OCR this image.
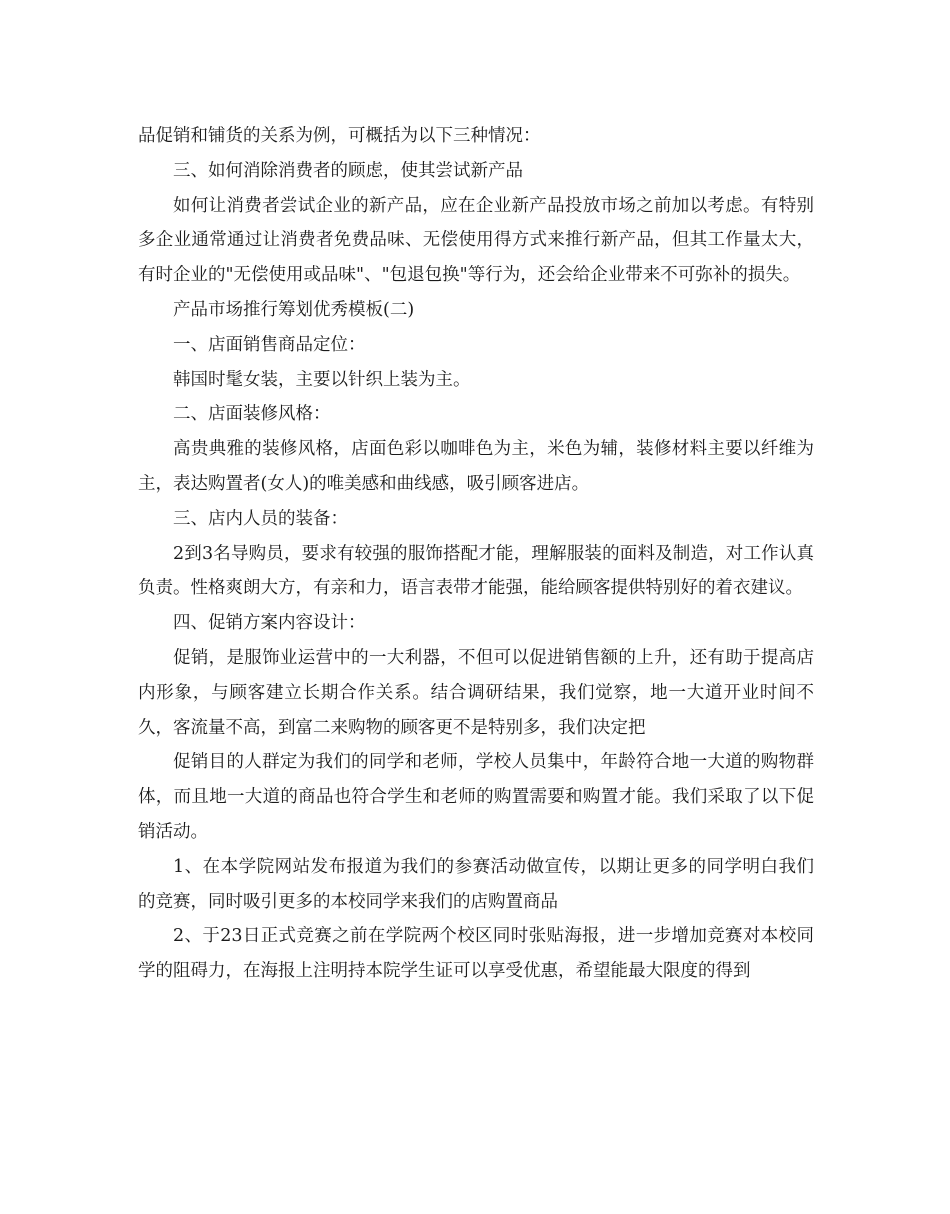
品促销和铺货的关系为例，可概括为以下三种情况：

三、如何消除消费者的顾虑，使其尝试新产品

如何让消费者尝试企业的新产品，应在企业新产品投放市场之前加以考虑。有特别多企业通常通过让消费者免费品味、无偿使用得方式来推行新产品，但其工作量太大，有时企业的"无偿使用或品味"、"包退包换"等行为，还会给企业带来不可弥补的损失。

产品市场推行筹划优秀模板(二)

一、店面销售商品定位：

韩国时髦女装，主要以针织上装为主。

二、店面装修风格：

高贵典雅的装修风格，店面色彩以咖啡色为主，米色为辅，装修材料主要以纤维为主，表达购置者(女人)的唯美感和曲线感，吸引顾客进店。

三、店内人员的装备：

2到3名导购员，要求有较强的服饰搭配才能，理解服装的面料及制造，对工作认真负责。性格爽朗大方，有亲和力，语言表带才能强，能给顾客提供特别好的着衣建议。

四、促销方案内容设计：

促销，是服饰业运营中的一大利器，不但可以促进销售额的上升，还有助于提高店内形象，与顾客建立长期合作关系。结合调研结果，我们觉察，地一大道开业时间不久，客流量不高，到富二来购物的顾客更不是特别多，我们决定把

促销目的人群定为我们的同学和老师，学校人员集中，年龄符合地一大道的购物群体，而且地一大道的商品也符合学生和老师的购置需要和购置才能。我们采取了以下促销活动。

1、在本学院网站发布报道为我们的参赛活动做宣传，以期让更多的同学明白我们的竞赛，同时吸引更多的本校同学来我们的店购置商品

2、于23日正式竞赛之前在学院两个校区同时张贴海报，进一步增加竞赛对本校同学的阻碍力，在海报上注明持本院学生证可以享受优惠，希望能最大限度的得到
